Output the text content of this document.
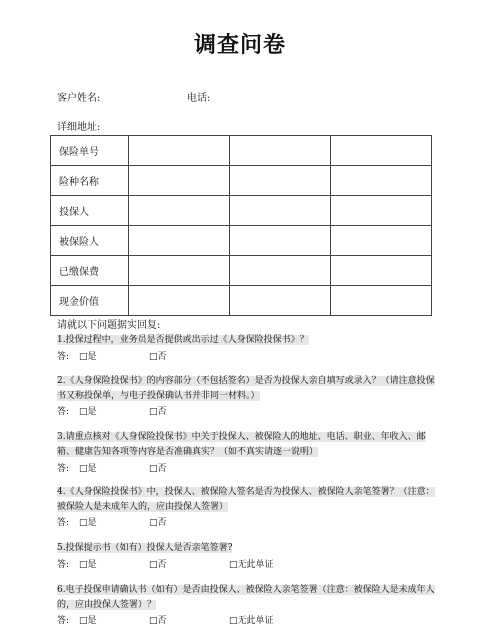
调查问卷
客户姓名:	电话:
详细地址:
保险单号			
险种名称			
投保人			
被保险人			
已缴保费			
现金价值			
请就以下问题据实回复:
1.投保过程中，业务员是否提供或出示过《人身保险投保书》？
答: □是	□否
2.《人身保险投保书》的内容部分（不包括签名）是否为投保人亲自填写或录入？（请注意投保书又称投保单，与电子投保确认书并非同一材料。）
答: □是	□否
3.请重点核对《人身保险投保书》中关于投保人、被保险人的地址、电话、职业、年收入、邮箱、健康告知各项等内容是否准确真实？（如不真实请逐一说明）
答: □是	□否
4.《人身保险投保书》中，投保人、被保险人签名是否为投保人、被保险人亲笔签署？（注意：被保险人是未成年人的，应由投保人签署）
答: □是	□否
5.投保提示书（如有）投保人是否亲笔签署?
答: □是	□否	□无此单证
6.电子投保申请确认书（如有）是否由投保人、被保险人亲笔签署（注意：被保险人是未成年人的，应由投保人签署）？
答: □是	□否	□无此单证
